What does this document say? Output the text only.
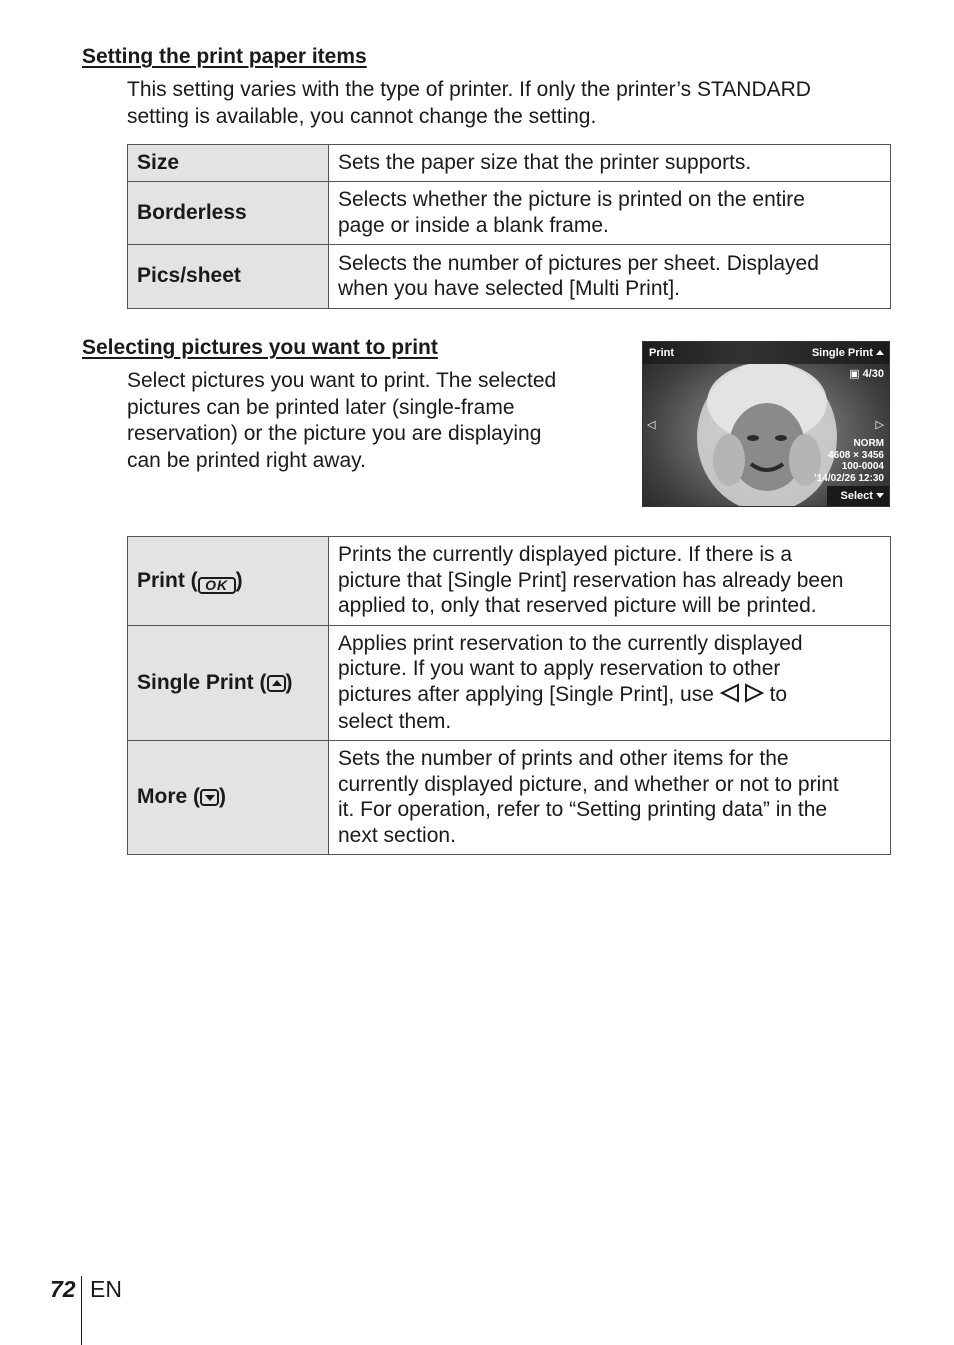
Setting the print paper items

This setting varies with the type of printer. If only the printer’s STANDARD
setting is available, you cannot change the setting.

Size	Sets the paper size that the printer supports.
Borderless	Selects whether the picture is printed on the entire
page or inside a blank frame.
Pics/sheet	Selects the number of pictures per sheet. Displayed
when you have selected [Multi Print].
Selecting pictures you want to print

Select pictures you want to print. The selected
pictures can be printed later (single-frame
reservation) or the picture you are displaying
can be printed right away.

Print	Single Print
▣ 4/30
◁	▷
NORM
4608 × 3456
100-0004
’14/02/26 12:30
Select
Print ( OK )	Prints the currently displayed picture. If there is a
picture that [Single Print] reservation has already been
applied to, only that reserved picture will be printed.
Single Print ( )	Applies print reservation to the currently displayed
picture. If you want to apply reservation to other
pictures after applying [Single Print], use to
select them.
More ( )	Sets the number of prints and other items for the
currently displayed picture, and whether or not to print
it. For operation, refer to “Setting printing data” in the
next section.
72 EN
